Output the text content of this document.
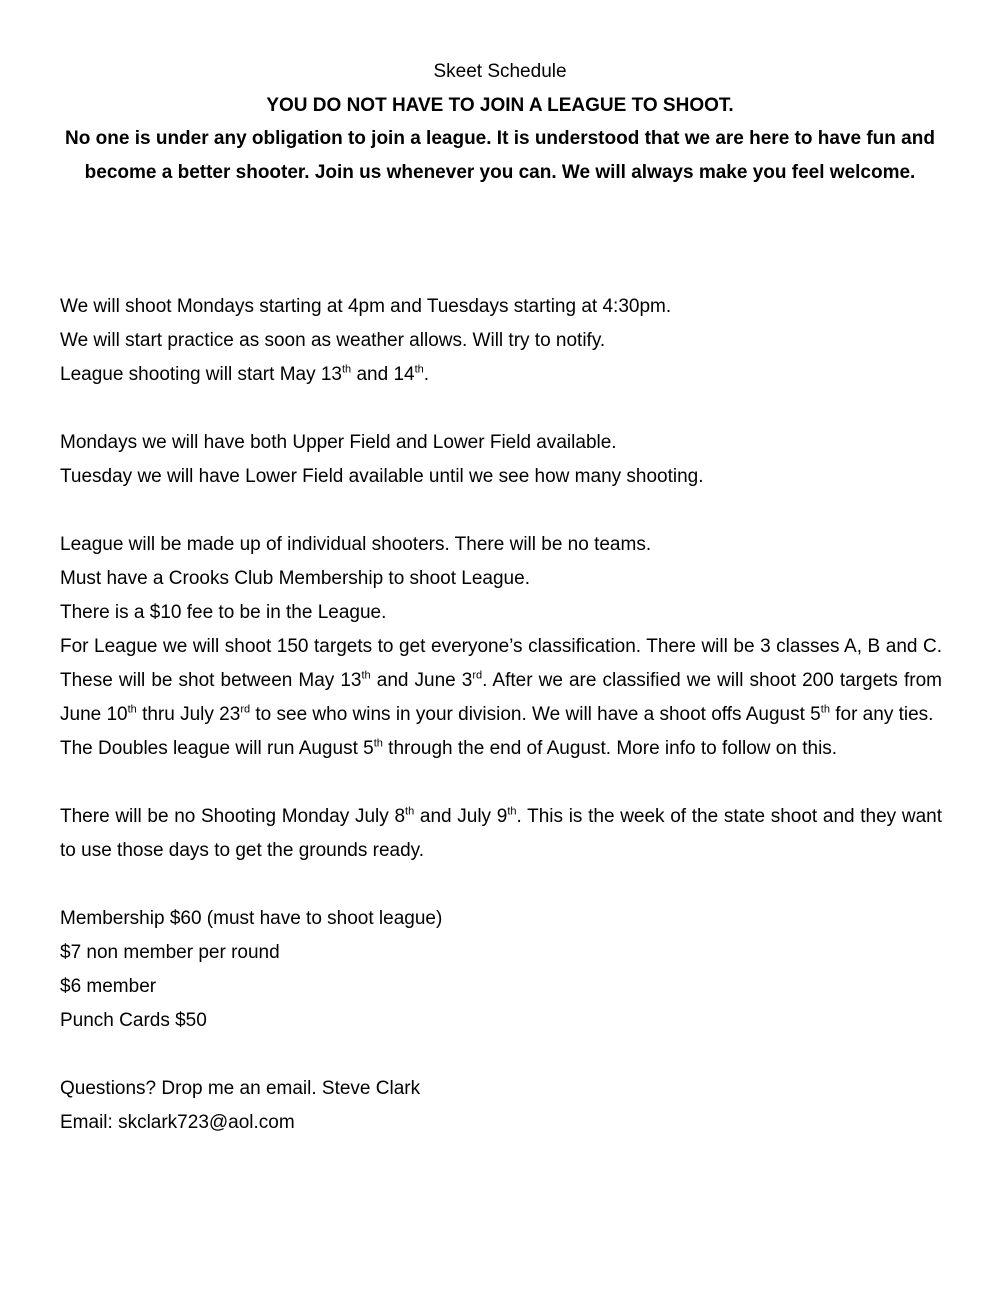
Skeet Schedule
YOU DO NOT HAVE TO JOIN A LEAGUE TO SHOOT.
No one is under any obligation to join a league. It is understood that we are here to have fun and become a better shooter. Join us whenever you can. We will always make you feel welcome.

We will shoot Mondays starting at 4pm and Tuesdays starting at 4:30pm.

We will start practice as soon as weather allows. Will try to notify.

League shooting will start May 13th and 14th.

Mondays we will have both Upper Field and Lower Field available.

Tuesday we will have Lower Field available until we see how many shooting.

League will be made up of individual shooters. There will be no teams.

Must have a Crooks Club Membership to shoot League.

There is a $10 fee to be in the League.

For League we will shoot 150 targets to get everyone’s classification. There will be 3 classes A, B and C. These will be shot between May 13th and June 3rd. After we are classified we will shoot 200 targets from June 10th thru July 23rd to see who wins in your division. We will have a shoot offs August 5th for any ties.

The Doubles league will run August 5th through the end of August. More info to follow on this.

There will be no Shooting Monday July 8th and July 9th. This is the week of the state shoot and they want to use those days to get the grounds ready.

Membership $60 (must have to shoot league)

$7 non member per round

$6 member

Punch Cards $50

Questions? Drop me an email. Steve Clark

Email: skclark723@aol.com
